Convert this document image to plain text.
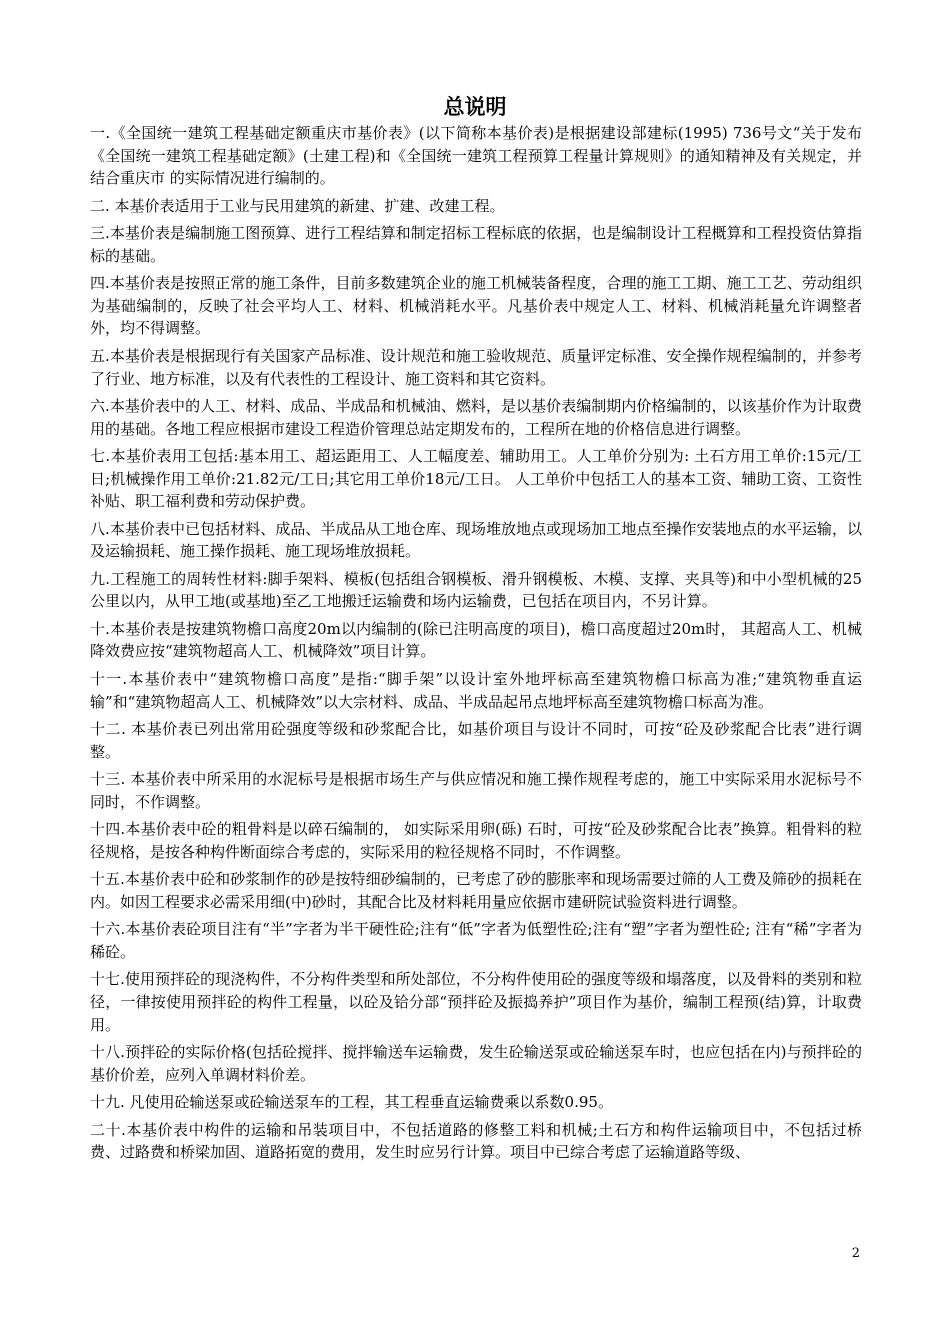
总说明

一.《全国统一建筑工程基础定额重庆市基价表》(以下简称本基价表)是根据建设部建标(1995) 736号文“关于发布《全国统一建筑工程基础定额》(土建工程)和《全国统一建筑工程预算工程量计算规则》的通知精神及有关规定，并结合重庆市 的实际情况进行编制的。

二. 本基价表适用于工业与民用建筑的新建、扩建、改建工程。

三.本基价表是编制施工图预算、进行工程结算和制定招标工程标底的依据，也是编制设计工程概算和工程投资估算指标的基础。

四.本基价表是按照正常的施工条件，目前多数建筑企业的施工机械装备程度，合理的施工工期、施工工艺、劳动组织为基础编制的，反映了社会平均人工、材料、机械消耗水平。凡基价表中规定人工、材料、机械消耗量允许调整者外，均不得调整。

五.本基价表是根据现行有关国家产品标准、设计规范和施工验收规范、质量评定标准、安全操作规程编制的，并参考了行业、地方标准，以及有代表性的工程设计、施工资料和其它资料。

六.本基价表中的人工、材料、成品、半成品和机械油、燃料，是以基价表编制期内价格编制的，以该基价作为计取费用的基础。各地工程应根据市建设工程造价管理总站定期发布的，工程所在地的价格信息进行调整。

七.本基价表用工包括:基本用工、超运距用工、人工幅度差、辅助用工。人工单价分别为: 土石方用工单价:15元/工日;机械操作用工单价:21.82元/工日;其它用工单价18元/工日。 人工单价中包括工人的基本工资、辅助工资、工资性补贴、职工福利费和劳动保护费。

八.本基价表中已包括材料、成品、半成品从工地仓库、现场堆放地点或现场加工地点至操作安装地点的水平运输，以及运输损耗、施工操作损耗、施工现场堆放损耗。

九.工程施工的周转性材料:脚手架料、模板(包括组合钢模板、滑升钢模板、木模、支撑、夹具等)和中小型机械的25公里以内，从甲工地(或基地)至乙工地搬迁运输费和场内运输费，已包括在项目内，不另计算。

十.本基价表是按建筑物檐口高度20m以内编制的(除已注明高度的项目)，檐口高度超过20m时， 其超高人工、机械降效费应按“建筑物超高人工、机械降效”项目计算。

十一.本基价表中“建筑物檐口高度”是指:“脚手架”以设计室外地坪标高至建筑物檐口标高为准;“建筑物垂直运输”和“建筑物超高人工、机械降效”以大宗材料、成品、半成品起吊点地坪标高至建筑物檐口标高为准。

十二. 本基价表已列出常用砼强度等级和砂浆配合比，如基价项目与设计不同时，可按“砼及砂浆配合比表”进行调整。

十三. 本基价表中所采用的水泥标号是根据市场生产与供应情况和施工操作规程考虑的，施工中实际采用水泥标号不同时，不作调整。

十四.本基价表中砼的粗骨料是以碎石编制的， 如实际采用卵(砾) 石时，可按“砼及砂浆配合比表”换算。粗骨料的粒径规格，是按各种构件断面综合考虑的，实际采用的粒径规格不同时，不作调整。

十五.本基价表中砼和砂浆制作的砂是按特细砂编制的，已考虑了砂的膨胀率和现场需要过筛的人工费及筛砂的损耗在内。如因工程要求必需采用细(中)砂时，其配合比及材料耗用量应依据市建研院试验资料进行调整。

十六.本基价表砼项目注有“半”字者为半干硬性砼;注有“低”字者为低塑性砼;注有“塑”字者为塑性砼; 注有“稀”字者为稀砼。

十七.使用预拌砼的现浇构件，不分构件类型和所处部位，不分构件使用砼的强度等级和塌落度，以及骨料的类别和粒径，一律按使用预拌砼的构件工程量，以砼及铪分部“预拌砼及振捣养护”项目作为基价，编制工程预(结)算，计取费用。

十八.预拌砼的实际价格(包括砼搅拌、搅拌输送车运输费，发生砼输送泵或砼输送泵车时，也应包括在内)与预拌砼的基价价差，应列入单调材料价差。

十九. 凡使用砼输送泵或砼输送泵车的工程，其工程垂直运输费乘以系数0.95。

二十.本基价表中构件的运输和吊装项目中，不包括道路的修整工料和机械;土石方和构件运输项目中，不包括过桥费、过路费和桥梁加固、道路拓宽的费用，发生时应另行计算。项目中已综合考虑了运输道路等级、

2
